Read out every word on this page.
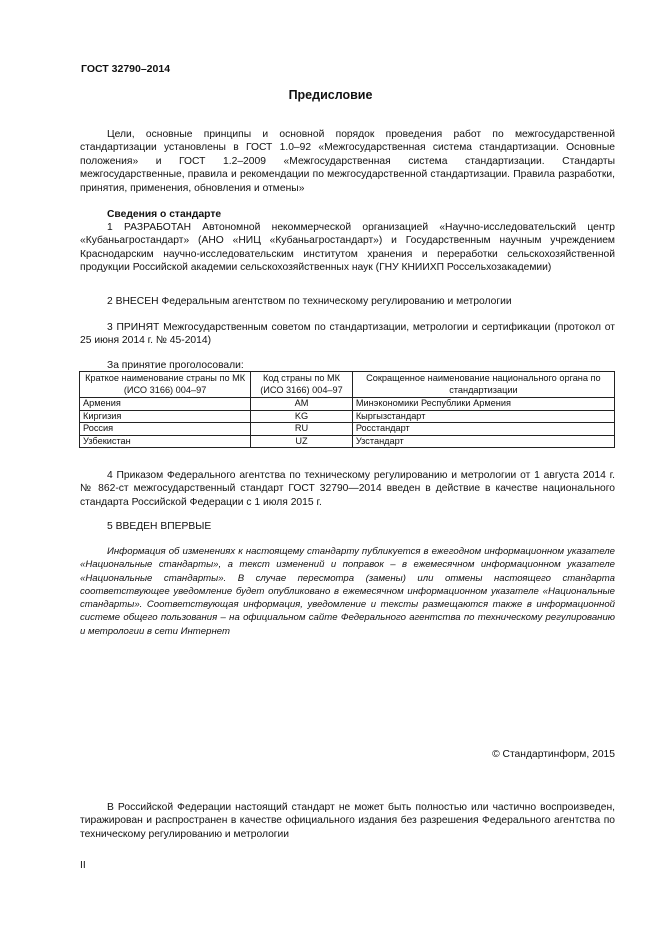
ГОСТ 32790–2014
Предисловие
Цели, основные принципы и основной порядок проведения работ по межгосударственной стандартизации установлены в ГОСТ 1.0–92 «Межгосударственная система стандартизации. Основные положения» и ГОСТ 1.2–2009 «Межгосударственная система стандартизации. Стандарты межгосударственные, правила и рекомендации по межгосударственной стандартизации. Правила разработки, принятия, применения, обновления и отмены»
Сведения о стандарте
1 РАЗРАБОТАН Автономной некоммерческой организацией «Научно-исследовательский центр «Кубаньагростандарт» (АНО «НИЦ «Кубаньагростандарт») и Государственным научным учреждением Краснодарским научно-исследовательским институтом хранения и переработки сельскохозяйственной продукции Российской академии сельскохозяйственных наук (ГНУ КНИИХП Россельхозакадемии)
2 ВНЕСЕН Федеральным агентством по техническому регулированию и метрологии
3 ПРИНЯТ Межгосударственным советом по стандартизации, метрологии и сертификации (протокол от 25 июня 2014 г. № 45-2014)
За принятие проголосовали:
Краткое наименование страны по МК (ИСО 3166) 004–97	Код страны по МК (ИСО 3166) 004–97	Сокращенное наименование национального органа по стандартизации
Армения	AM	Минэкономики Республики Армения
Киргизия	KG	Кыргызстандарт
Россия	RU	Росстандарт
Узбекистан	UZ	Узстандарт
4 Приказом Федерального агентства по техническому регулированию и метрологии от 1 августа 2014 г. № 862-ст межгосударственный стандарт ГОСТ 32790—2014 введен в действие в качестве национального стандарта Российской Федерации с 1 июля 2015 г.
5 ВВЕДЕН ВПЕРВЫЕ
Информация об изменениях к настоящему стандарту публикуется в ежегодном информационном указателе «Национальные стандарты», а текст изменений и поправок – в ежемесячном информационном указателе «Национальные стандарты». В случае пересмотра (замены) или отмены настоящего стандарта соответствующее уведомление будет опубликовано в ежемесячном информационном указателе «Национальные стандарты». Соответствующая информация, уведомление и тексты размещаются также в информационной системе общего пользования – на официальном сайте Федерального агентства по техническому регулированию и метрологии в сети Интернет
© Стандартинформ, 2015
В Российской Федерации настоящий стандарт не может быть полностью или частично воспроизведен, тиражирован и распространен в качестве официального издания без разрешения Федерального агентства по техническому регулированию и метрологии
II
